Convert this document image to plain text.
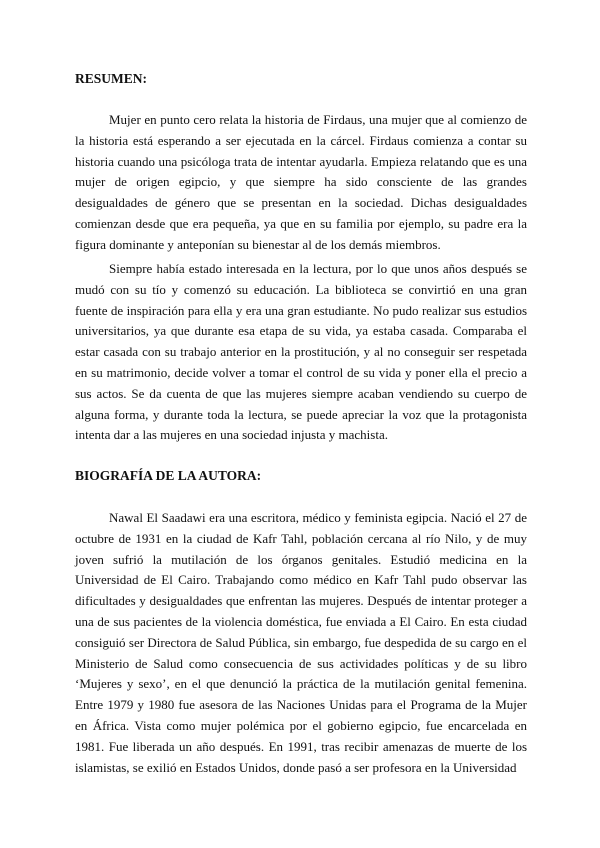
RESUMEN:

Mujer en punto cero relata la historia de Firdaus, una mujer que al comienzo de la historia está esperando a ser ejecutada en la cárcel. Firdaus comienza a contar su historia cuando una psicóloga trata de intentar ayudarla. Empieza relatando que es una mujer de origen egipcio, y que siempre ha sido consciente de las grandes desigualdades de género que se presentan en la sociedad. Dichas desigualdades comienzan desde que era pequeña, ya que en su familia por ejemplo, su padre era la figura dominante y anteponían su bienestar al de los demás miembros.

Siempre había estado interesada en la lectura, por lo que unos años después se mudó con su tío y comenzó su educación. La biblioteca se convirtió en una gran fuente de inspiración para ella y era una gran estudiante. No pudo realizar sus estudios universitarios, ya que durante esa etapa de su vida, ya estaba casada. Comparaba el estar casada con su trabajo anterior en la prostitución, y al no conseguir ser respetada en su matrimonio, decide volver a tomar el control de su vida y poner ella el precio a sus actos. Se da cuenta de que las mujeres siempre acaban vendiendo su cuerpo de alguna forma, y durante toda la lectura, se puede apreciar la voz que la protagonista intenta dar a las mujeres en una sociedad injusta y machista.

BIOGRAFÍA DE LA AUTORA:

Nawal El Saadawi era una escritora, médico y feminista egipcia. Nació el 27 de octubre de 1931 en la ciudad de Kafr Tahl, población cercana al río Nilo, y de muy joven sufrió la mutilación de los órganos genitales. Estudió medicina en la Universidad de El Cairo. Trabajando como médico en Kafr Tahl pudo observar las dificultades y desigualdades que enfrentan las mujeres. Después de intentar proteger a una de sus pacientes de la violencia doméstica, fue enviada a El Cairo. En esta ciudad consiguió ser Directora de Salud Pública, sin embargo, fue despedida de su cargo en el Ministerio de Salud como consecuencia de sus actividades políticas y de su libro ‘Mujeres y sexo’, en el que denunció la práctica de la mutilación genital femenina. Entre 1979 y 1980 fue asesora de las Naciones Unidas para el Programa de la Mujer en África. Vista como mujer polémica por el gobierno egipcio, fue encarcelada en 1981. Fue liberada un año después. En 1991, tras recibir amenazas de muerte de los islamistas, se exilió en Estados Unidos, donde pasó a ser profesora en la Universidad
